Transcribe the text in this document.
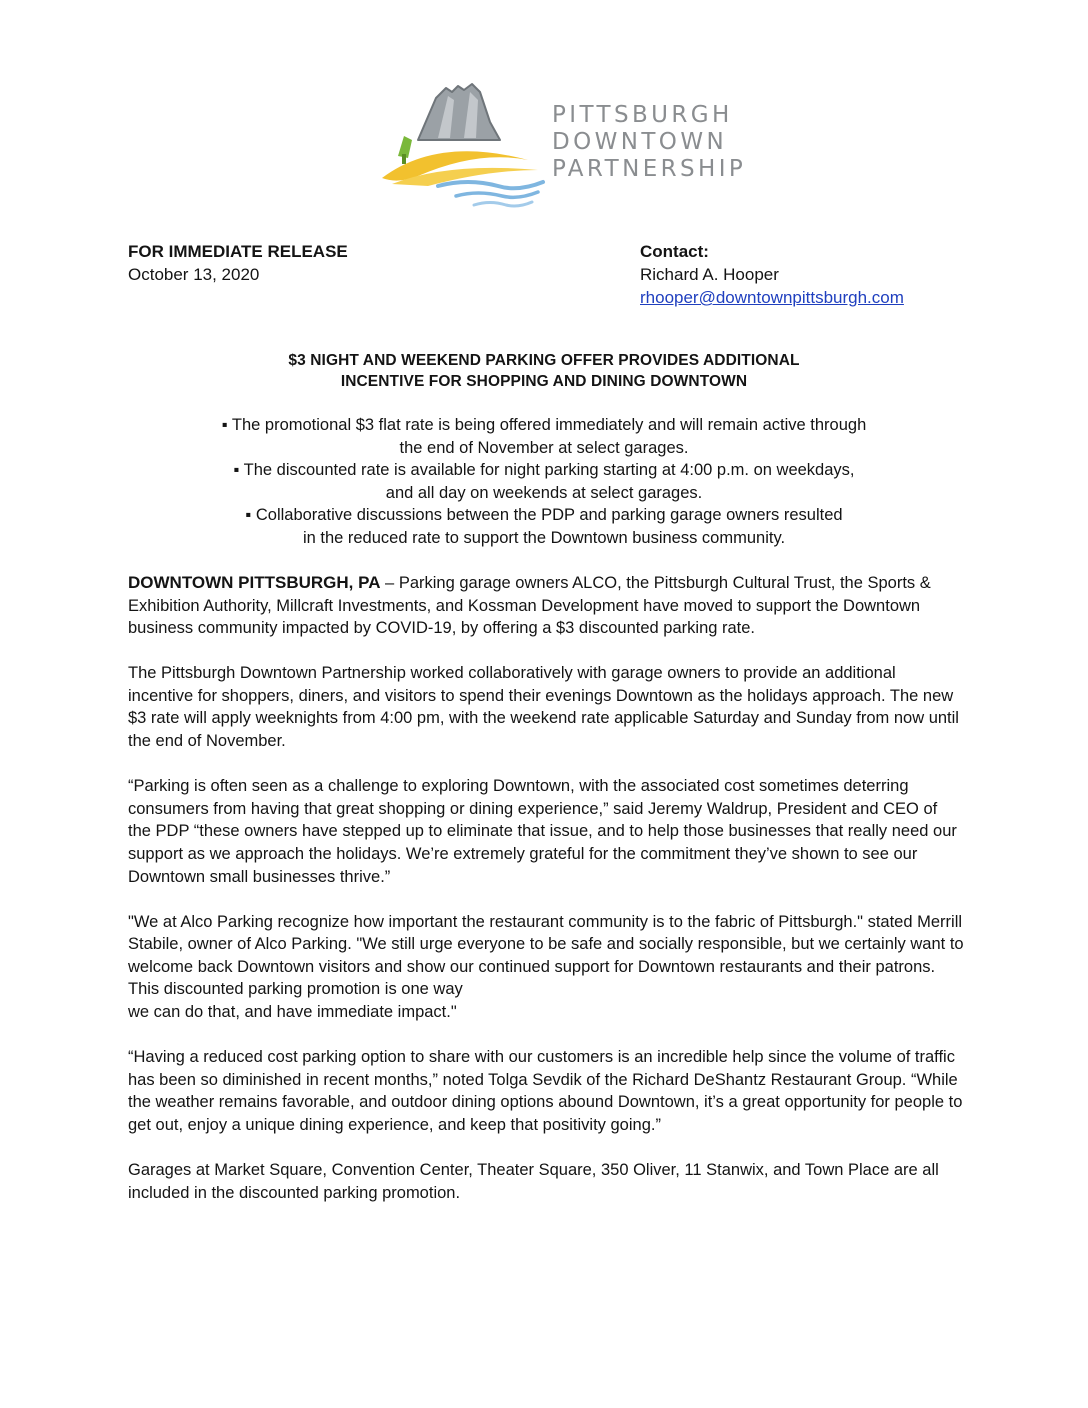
PITTSBURGH
DOWNTOWN
PARTNERSHIP
FOR IMMEDIATE RELEASE
October 13, 2020
Contact:
Richard A. Hooper
rhooper@downtownpittsburgh.com
$3 NIGHT AND WEEKEND PARKING OFFER PROVIDES ADDITIONAL
INCENTIVE FOR SHOPPING AND DINING DOWNTOWN

▪ The promotional $3 flat rate is being offered immediately and will remain active through
the end of November at select garages.

▪ The discounted rate is available for night parking starting at 4:00 p.m. on weekdays,
and all day on weekends at select garages.

▪ Collaborative discussions between the PDP and parking garage owners resulted
in the reduced rate to support the Downtown business community.

DOWNTOWN PITTSBURGH, PA – Parking garage owners ALCO, the Pittsburgh Cultural Trust, the Sports & Exhibition Authority, Millcraft Investments, and Kossman Development have moved to support the Downtown business community impacted by COVID-19, by offering a $3 discounted parking rate.

The Pittsburgh Downtown Partnership worked collaboratively with garage owners to provide an additional incentive for shoppers, diners, and visitors to spend their evenings Downtown as the holidays approach. The new $3 rate will apply weeknights from 4:00 pm, with the weekend rate applicable Saturday and Sunday from now until the end of November.

“Parking is often seen as a challenge to exploring Downtown, with the associated cost sometimes deterring consumers from having that great shopping or dining experience,” said Jeremy Waldrup, President and CEO of the PDP “these owners have stepped up to eliminate that issue, and to help those businesses that really need our support as we approach the holidays. We’re extremely grateful for the commitment they’ve shown to see our Downtown small businesses thrive.”

"We at Alco Parking recognize how important the restaurant community is to the fabric of Pittsburgh." stated Merrill Stabile, owner of Alco Parking. "We still urge everyone to be safe and socially responsible, but we certainly want to welcome back Downtown visitors and show our continued support for Downtown restaurants and their patrons. This discounted parking promotion is one way
we can do that, and have immediate impact."

“Having a reduced cost parking option to share with our customers is an incredible help since the volume of traffic has been so diminished in recent months,” noted Tolga Sevdik of the Richard DeShantz Restaurant Group. “While the weather remains favorable, and outdoor dining options abound Downtown, it’s a great opportunity for people to get out, enjoy a unique dining experience, and keep that positivity going.”

Garages at Market Square, Convention Center, Theater Square, 350 Oliver, 11 Stanwix, and Town Place are all included in the discounted parking promotion.
